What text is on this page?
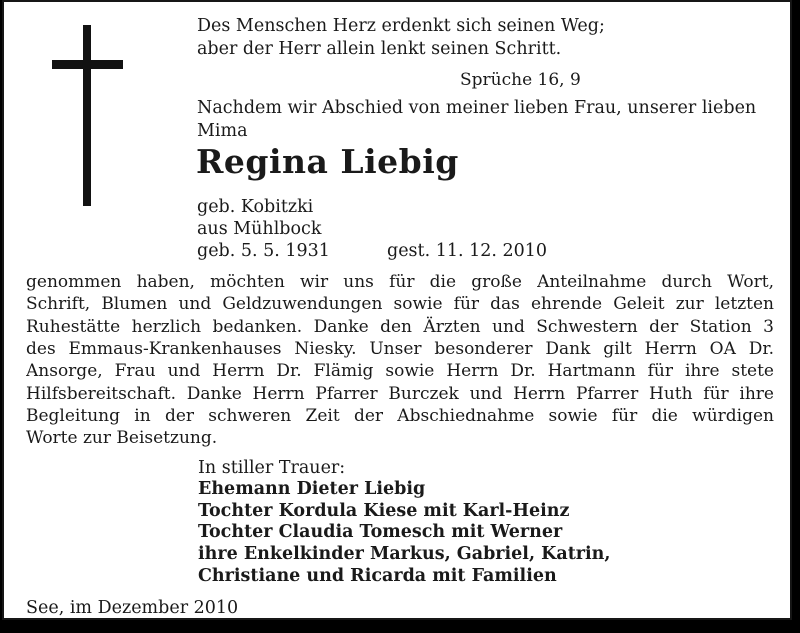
Des Menschen Herz erdenkt sich seinen Weg;
aber der Herr allein lenkt seinen Schritt.
Sprüche 16, 9
Nachdem wir Abschied von meiner lieben Frau, unserer lieben
Mima
Regina Liebig
geb. Kobitzki
aus Mühlbock
geb. 5. 5. 1931	gest. 11. 12. 2010
genommen haben, möchten wir uns für die große Anteilnahme durch Wort,
Schrift, Blumen und Geldzuwendungen sowie für das ehrende Geleit zur letzten
Ruhestätte herzlich bedanken. Danke den Ärzten und Schwestern der Station 3
des Emmaus-Krankenhauses Niesky. Unser besonderer Dank gilt Herrn OA Dr.
Ansorge, Frau und Herrn Dr. Flämig sowie Herrn Dr. Hartmann für ihre stete
Hilfsbereitschaft. Danke Herrn Pfarrer Burczek und Herrn Pfarrer Huth für ihre
Begleitung in der schweren Zeit der Abschiednahme sowie für die würdigen
Worte zur Beisetzung.
In stiller Trauer:
Ehemann Dieter Liebig
Tochter Kordula Kiese mit Karl-Heinz
Tochter Claudia Tomesch mit Werner
ihre Enkelkinder Markus, Gabriel, Katrin,
Christiane und Ricarda mit Familien
See, im Dezember 2010
